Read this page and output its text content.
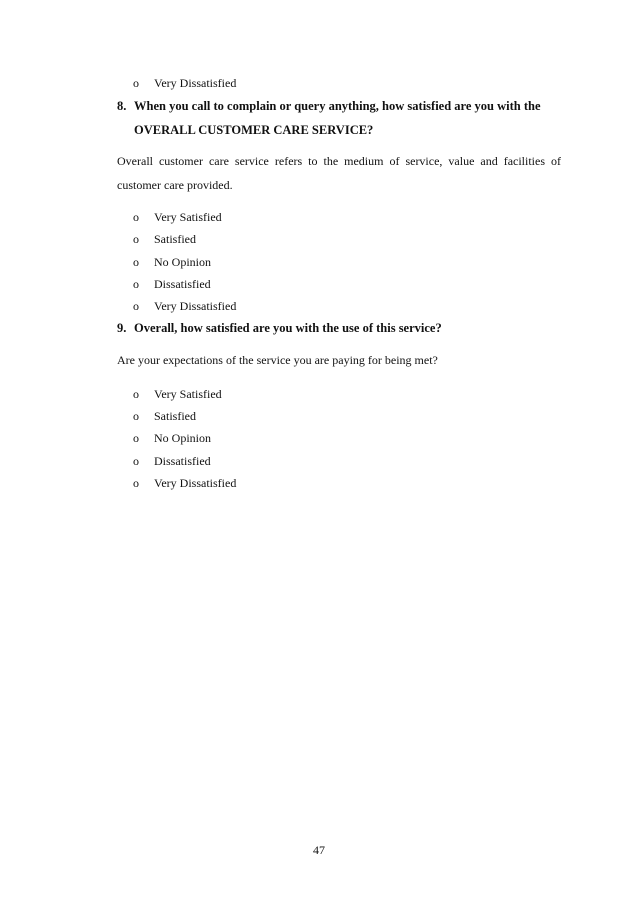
o Very Dissatisfied
8. When you call to complain or query anything, how satisfied are you with the
OVERALL CUSTOMER CARE SERVICE?
Overall customer care service refers to the medium of service, value and facilities of
customer care provided.
o Very Satisfied
o Satisfied
o No Opinion
o Dissatisfied
o Very Dissatisfied
9. Overall, how satisfied are you with the use of this service?
Are your expectations of the service you are paying for being met?
o Very Satisfied
o Satisfied
o No Opinion
o Dissatisfied
o Very Dissatisfied
47
